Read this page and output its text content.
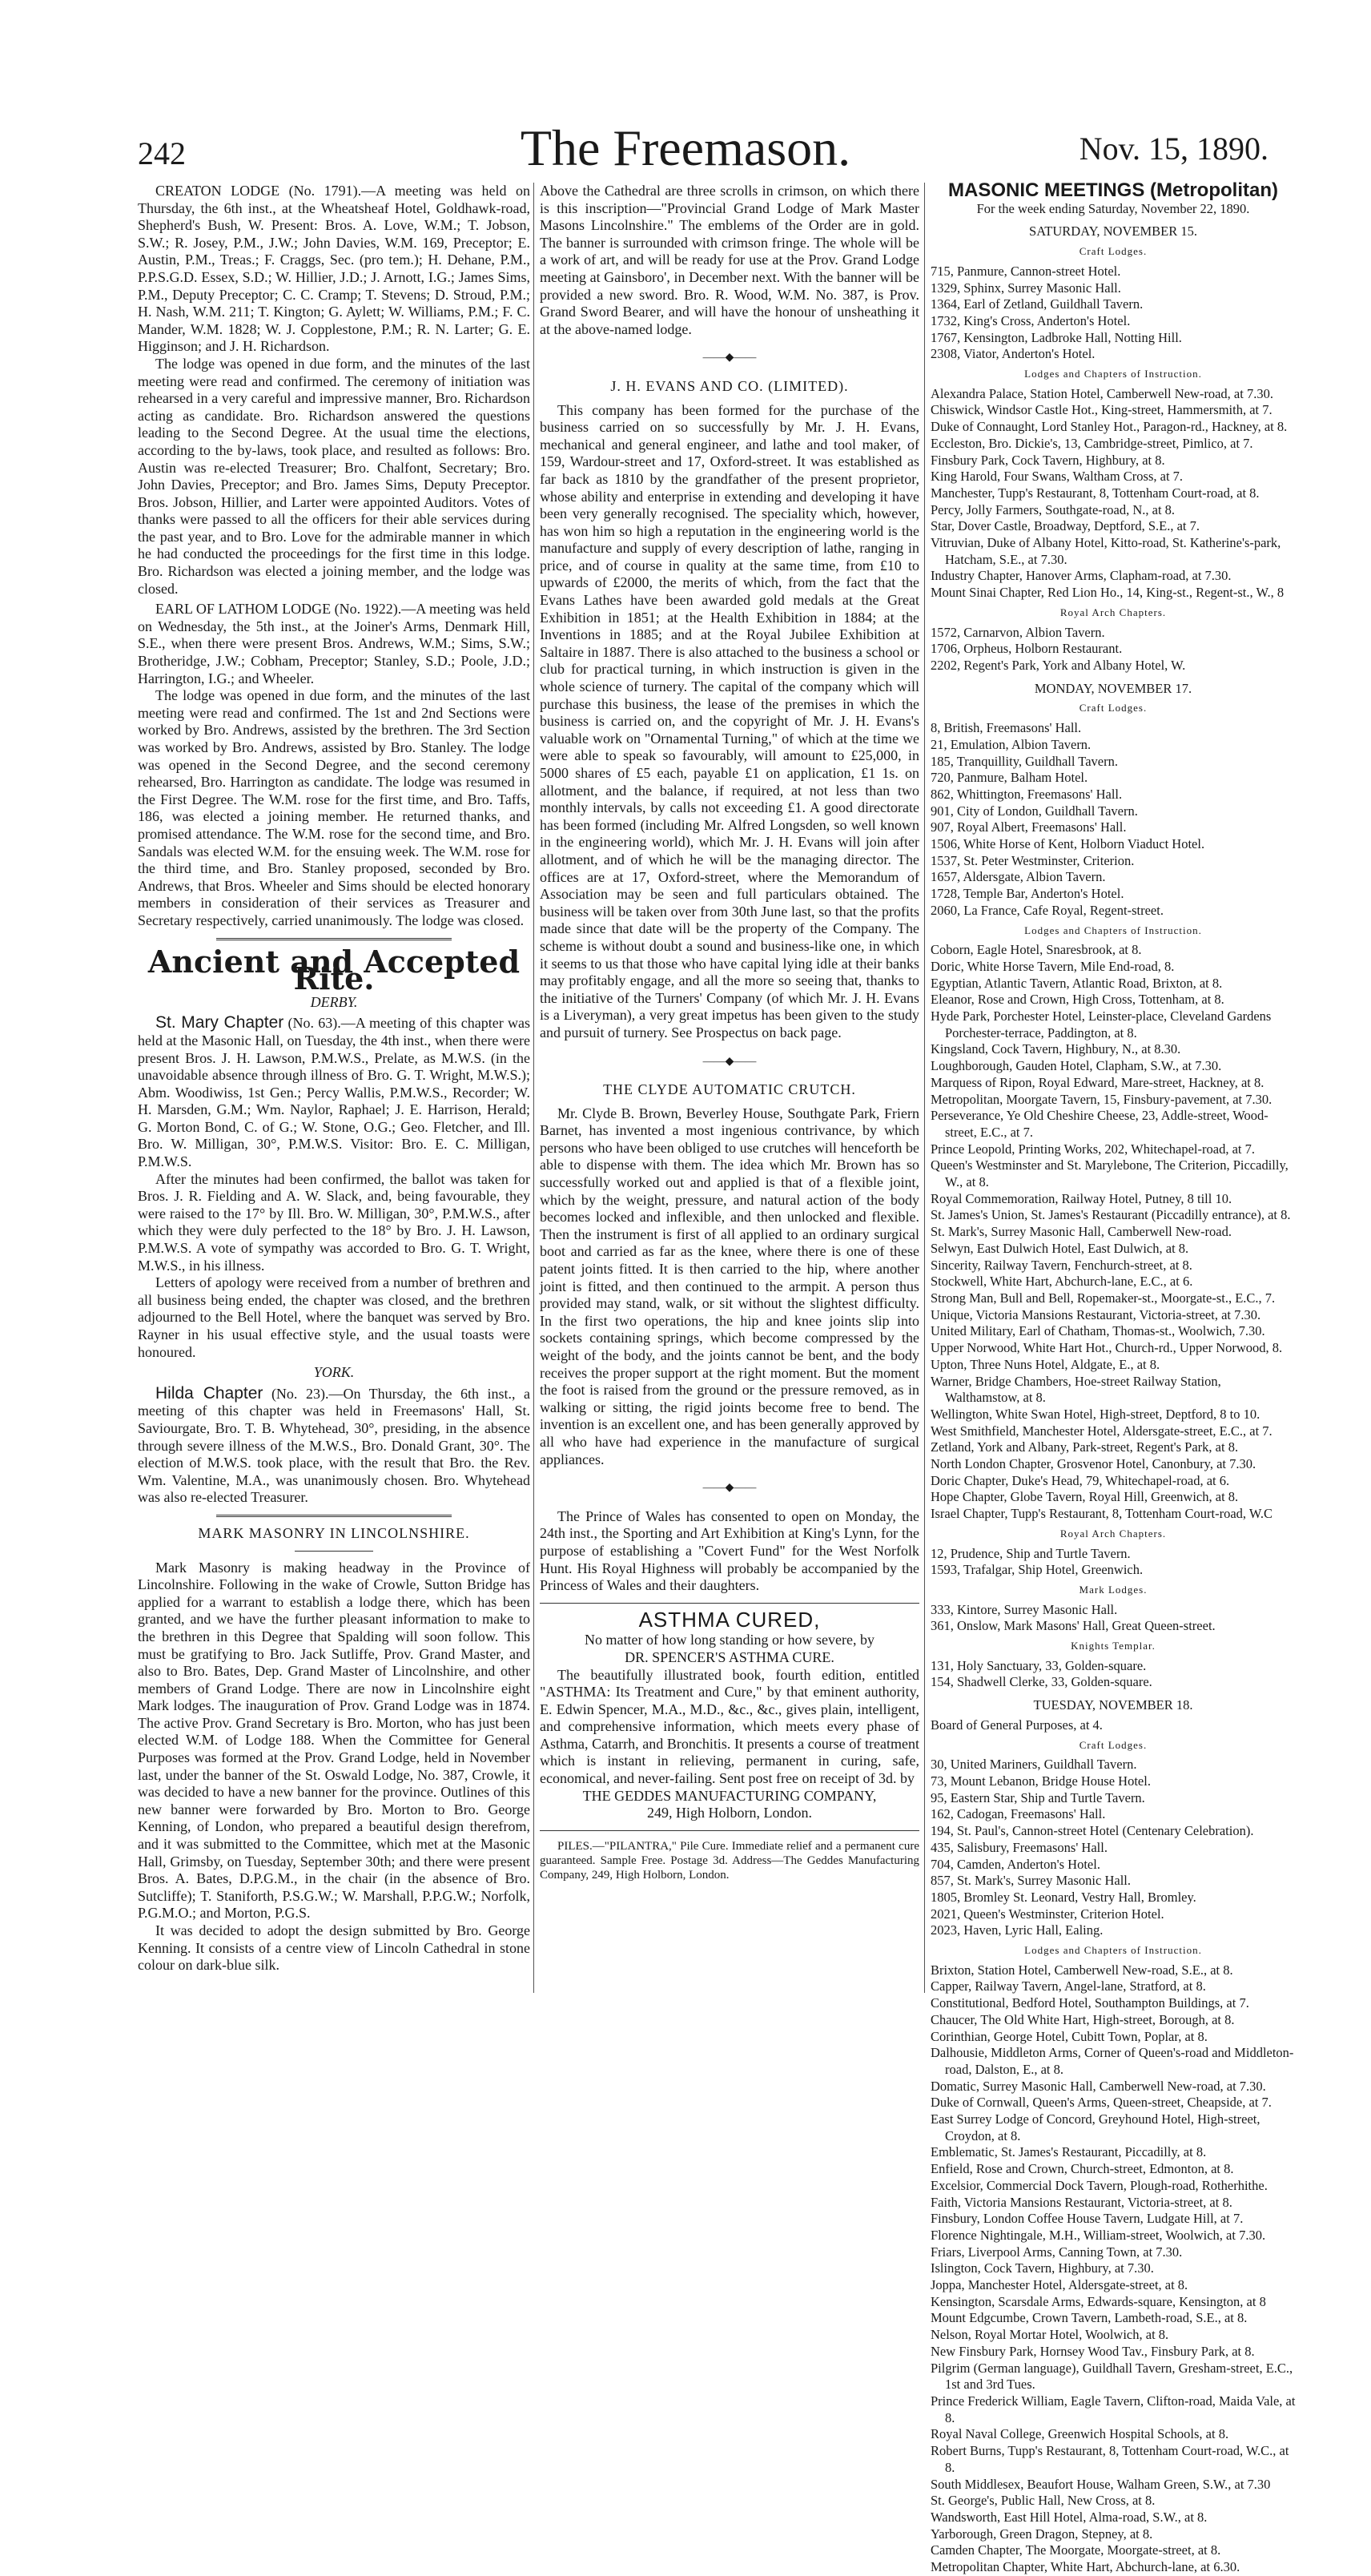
242	The Freemason.	Nov. 15, 1890.

CREATON LODGE (No. 1791).—A meeting was held on Thursday, the 6th inst., at the Wheatsheaf Hotel, Goldhawk-road, Shepherd's Bush, W. Present: Bros. A. Love, W.M.; T. Jobson, S.W.; R. Josey, P.M., J.W.; John Davies, W.M. 169, Preceptor; E. Austin, P.M., Treas.; F. Craggs, Sec. (pro tem.); H. Dehane, P.M., P.P.S.G.D. Essex, S.D.; W. Hillier, J.D.; J. Arnott, I.G.; James Sims, P.M., Deputy Preceptor; C. C. Cramp; T. Stevens; D. Stroud, P.M.; H. Nash, W.M. 211; T. Kington; G. Aylett; W. Williams, P.M.; F. C. Mander, W.M. 1828; W. J. Copplestone, P.M.; R. N. Larter; G. E. Higginson; and J. H. Richardson.

The lodge was opened in due form, and the minutes of the last meeting were read and confirmed. The ceremony of initiation was rehearsed in a very careful and impressive manner, Bro. Richardson acting as candidate. Bro. Richardson answered the questions leading to the Second Degree. At the usual time the elections, according to the by-laws, took place, and resulted as follows: Bro. Austin was re-elected Treasurer; Bro. Chalfont, Secretary; Bro. John Davies, Preceptor; and Bro. James Sims, Deputy Preceptor. Bros. Jobson, Hillier, and Larter were appointed Auditors. Votes of thanks were passed to all the officers for their able services during the past year, and to Bro. Love for the admirable manner in which he had conducted the proceedings for the first time in this lodge. Bro. Richardson was elected a joining member, and the lodge was closed.

EARL OF LATHOM LODGE (No. 1922).—A meeting was held on Wednesday, the 5th inst., at the Joiner's Arms, Denmark Hill, S.E., when there were present Bros. Andrews, W.M.; Sims, S.W.; Brotheridge, J.W.; Cobham, Preceptor; Stanley, S.D.; Poole, J.D.; Harrington, I.G.; and Wheeler.

The lodge was opened in due form, and the minutes of the last meeting were read and confirmed. The 1st and 2nd Sections were worked by Bro. Andrews, assisted by the brethren. The 3rd Section was worked by Bro. Andrews, assisted by Bro. Stanley. The lodge was opened in the Second Degree, and the second ceremony rehearsed, Bro. Harrington as candidate. The lodge was resumed in the First Degree. The W.M. rose for the first time, and Bro. Taffs, 186, was elected a joining member. He returned thanks, and promised attendance. The W.M. rose for the second time, and Bro. Sandals was elected W.M. for the ensuing week. The W.M. rose for the third time, and Bro. Stanley proposed, seconded by Bro. Andrews, that Bros. Wheeler and Sims should be elected honorary members in consideration of their services as Treasurer and Secretary respectively, carried unanimously. The lodge was closed.

Ancient and Accepted Rite.
DERBY.

St. Mary Chapter (No. 63).—A meeting of this chapter was held at the Masonic Hall, on Tuesday, the 4th inst., when there were present Bros. J. H. Lawson, P.M.W.S., Prelate, as M.W.S. (in the unavoidable absence through illness of Bro. G. T. Wright, M.W.S.); Abm. Woodiwiss, 1st Gen.; Percy Wallis, P.M.W.S., Recorder; W. H. Marsden, G.M.; Wm. Naylor, Raphael; J. E. Harrison, Herald; G. Morton Bond, C. of G.; W. Stone, O.G.; Geo. Fletcher, and Ill. Bro. W. Milligan, 30°, P.M.W.S. Visitor: Bro. E. C. Milligan, P.M.W.S.

After the minutes had been confirmed, the ballot was taken for Bros. J. R. Fielding and A. W. Slack, and, being favourable, they were raised to the 17° by Ill. Bro. W. Milligan, 30°, P.M.W.S., after which they were duly perfected to the 18° by Bro. J. H. Lawson, P.M.W.S. A vote of sympathy was accorded to Bro. G. T. Wright, M.W.S., in his illness.

Letters of apology were received from a number of brethren and all business being ended, the chapter was closed, and the brethren adjourned to the Bell Hotel, where the banquet was served by Bro. Rayner in his usual effective style, and the usual toasts were honoured.

YORK.

Hilda Chapter (No. 23).—On Thursday, the 6th inst., a meeting of this chapter was held in Freemasons' Hall, St. Saviourgate, Bro. T. B. Whytehead, 30°, presiding, in the absence through severe illness of the M.W.S., Bro. Donald Grant, 30°. The election of M.W.S. took place, with the result that Bro. the Rev. Wm. Valentine, M.A., was unanimously chosen. Bro. Whytehead was also re-elected Treasurer.

MARK MASONRY IN LINCOLNSHIRE.

Mark Masonry is making headway in the Province of Lincolnshire. Following in the wake of Crowle, Sutton Bridge has applied for a warrant to establish a lodge there, which has been granted, and we have the further pleasant information to make to the brethren in this Degree that Spalding will soon follow. This must be gratifying to Bro. Jack Sutliffe, Prov. Grand Master, and also to Bro. Bates, Dep. Grand Master of Lincolnshire, and other members of Grand Lodge. There are now in Lincolnshire eight Mark lodges. The inauguration of Prov. Grand Lodge was in 1874. The active Prov. Grand Secretary is Bro. Morton, who has just been elected W.M. of Lodge 188. When the Committee for General Purposes was formed at the Prov. Grand Lodge, held in November last, under the banner of the St. Oswald Lodge, No. 387, Crowle, it was decided to have a new banner for the province. Outlines of this new banner were forwarded by Bro. Morton to Bro. George Kenning, of London, who prepared a beautiful design therefrom, and it was submitted to the Committee, which met at the Masonic Hall, Grimsby, on Tuesday, September 30th; and there were present Bros. A. Bates, D.P.G.M., in the chair (in the absence of Bro. Sutcliffe); T. Staniforth, P.S.G.W.; W. Marshall, P.P.G.W.; Norfolk, P.G.M.O.; and Morton, P.G.S.

It was decided to adopt the design submitted by Bro. George Kenning. It consists of a centre view of Lincoln Cathedral in stone colour on dark-blue silk.

Above the Cathedral are three scrolls in crimson, on which there is this inscription—"Provincial Grand Lodge of Mark Master Masons Lincolnshire." The emblems of the Order are in gold. The banner is surrounded with crimson fringe. The whole will be a work of art, and will be ready for use at the Prov. Grand Lodge meeting at Gainsboro', in December next. With the banner will be provided a new sword. Bro. R. Wood, W.M. No. 387, is Prov. Grand Sword Bearer, and will have the honour of unsheathing it at the above-named lodge.

——◆——
J. H. EVANS AND CO. (LIMITED).

This company has been formed for the purchase of the business carried on so successfully by Mr. J. H. Evans, mechanical and general engineer, and lathe and tool maker, of 159, Wardour-street and 17, Oxford-street. It was established as far back as 1810 by the grandfather of the present proprietor, whose ability and enterprise in extending and developing it have been very generally recognised. The speciality which, however, has won him so high a reputation in the engineering world is the manufacture and supply of every description of lathe, ranging in price, and of course in quality at the same time, from £10 to upwards of £2000, the merits of which, from the fact that the Evans Lathes have been awarded gold medals at the Great Exhibition in 1851; at the Health Exhibition in 1884; at the Inventions in 1885; and at the Royal Jubilee Exhibition at Saltaire in 1887. There is also attached to the business a school or club for practical turning, in which instruction is given in the whole science of turnery. The capital of the company which will purchase this business, the lease of the premises in which the business is carried on, and the copyright of Mr. J. H. Evans's valuable work on "Ornamental Turning," of which at the time we were able to speak so favourably, will amount to £25,000, in 5000 shares of £5 each, payable £1 on application, £1 1s. on allotment, and the balance, if required, at not less than two monthly intervals, by calls not exceeding £1. A good directorate has been formed (including Mr. Alfred Longsden, so well known in the engineering world), which Mr. J. H. Evans will join after allotment, and of which he will be the managing director. The offices are at 17, Oxford-street, where the Memorandum of Association may be seen and full particulars obtained. The business will be taken over from 30th June last, so that the profits made since that date will be the property of the Company. The scheme is without doubt a sound and business-like one, in which it seems to us that those who have capital lying idle at their banks may profitably engage, and all the more so seeing that, thanks to the initiative of the Turners' Company (of which Mr. J. H. Evans is a Liveryman), a very great impetus has been given to the study and pursuit of turnery. See Prospectus on back page.

——◆——
THE CLYDE AUTOMATIC CRUTCH.

Mr. Clyde B. Brown, Beverley House, Southgate Park, Friern Barnet, has invented a most ingenious contrivance, by which persons who have been obliged to use crutches will henceforth be able to dispense with them. The idea which Mr. Brown has so successfully worked out and applied is that of a flexible joint, which by the weight, pressure, and natural action of the body becomes locked and inflexible, and then unlocked and flexible. Then the instrument is first of all applied to an ordinary surgical boot and carried as far as the knee, where there is one of these patent joints fitted. It is then carried to the hip, where another joint is fitted, and then continued to the armpit. A person thus provided may stand, walk, or sit without the slightest difficulty. In the first two operations, the hip and knee joints slip into sockets containing springs, which become compressed by the weight of the body, and the joints cannot be bent, and the body receives the proper support at the right moment. But the moment the foot is raised from the ground or the pressure removed, as in walking or sitting, the rigid joints become free to bend. The invention is an excellent one, and has been generally approved by all who have had experience in the manufacture of surgical appliances.

——◆——

The Prince of Wales has consented to open on Monday, the 24th inst., the Sporting and Art Exhibition at King's Lynn, for the purpose of establishing a "Covert Fund" for the West Norfolk Hunt. His Royal Highness will probably be accompanied by the Princess of Wales and their daughters.

ASTHMA CURED,

No matter of how long standing or how severe, by

DR. SPENCER'S ASTHMA CURE.

The beautifully illustrated book, fourth edition, entitled "ASTHMA: Its Treatment and Cure," by that eminent authority, E. Edwin Spencer, M.A., M.D., &c., &c., gives plain, intelligent, and comprehensive information, which meets every phase of Asthma, Catarrh, and Bronchitis. It presents a course of treatment which is instant in relieving, permanent in curing, safe, economical, and never-failing. Sent post free on receipt of 3d. by

THE GEDDES MANUFACTURING COMPANY,

249, High Holborn, London.

PILES.—"PILANTRA," Pile Cure. Immediate relief and a permanent cure guaranteed. Sample Free. Postage 3d. Address—The Geddes Manufacturing Company, 249, High Holborn, London.

MASONIC MEETINGS (Metropolitan)
For the week ending Saturday, November 22, 1890.
SATURDAY, NOVEMBER 15.
Craft Lodges.
715, Panmure, Cannon-street Hotel.
1329, Sphinx, Surrey Masonic Hall.
1364, Earl of Zetland, Guildhall Tavern.
1732, King's Cross, Anderton's Hotel.
1767, Kensington, Ladbroke Hall, Notting Hill.
2308, Viator, Anderton's Hotel.
Lodges and Chapters of Instruction.
Alexandra Palace, Station Hotel, Camberwell New-road, at 7.30.
Chiswick, Windsor Castle Hot., King-street, Hammersmith, at 7.
Duke of Connaught, Lord Stanley Hot., Paragon-rd., Hackney, at 8.
Eccleston, Bro. Dickie's, 13, Cambridge-street, Pimlico, at 7.
Finsbury Park, Cock Tavern, Highbury, at 8.
King Harold, Four Swans, Waltham Cross, at 7.
Manchester, Tupp's Restaurant, 8, Tottenham Court-road, at 8.
Percy, Jolly Farmers, Southgate-road, N., at 8.
Star, Dover Castle, Broadway, Deptford, S.E., at 7.
Vitruvian, Duke of Albany Hotel, Kitto-road, St. Katherine's-park, Hatcham, S.E., at 7.30.
Industry Chapter, Hanover Arms, Clapham-road, at 7.30.
Mount Sinai Chapter, Red Lion Ho., 14, King-st., Regent-st., W., 8
Royal Arch Chapters.
1572, Carnarvon, Albion Tavern.
1706, Orpheus, Holborn Restaurant.
2202, Regent's Park, York and Albany Hotel, W.
MONDAY, NOVEMBER 17.
Craft Lodges.
8, British, Freemasons' Hall.
21, Emulation, Albion Tavern.
185, Tranquillity, Guildhall Tavern.
720, Panmure, Balham Hotel.
862, Whittington, Freemasons' Hall.
901, City of London, Guildhall Tavern.
907, Royal Albert, Freemasons' Hall.
1506, White Horse of Kent, Holborn Viaduct Hotel.
1537, St. Peter Westminster, Criterion.
1657, Aldersgate, Albion Tavern.
1728, Temple Bar, Anderton's Hotel.
2060, La France, Cafe Royal, Regent-street.
Lodges and Chapters of Instruction.
Coborn, Eagle Hotel, Snaresbrook, at 8.
Doric, White Horse Tavern, Mile End-road, 8.
Egyptian, Atlantic Tavern, Atlantic Road, Brixton, at 8.
Eleanor, Rose and Crown, High Cross, Tottenham, at 8.
Hyde Park, Porchester Hotel, Leinster-place, Cleveland Gardens Porchester-terrace, Paddington, at 8.
Kingsland, Cock Tavern, Highbury, N., at 8.30.
Loughborough, Gauden Hotel, Clapham, S.W., at 7.30.
Marquess of Ripon, Royal Edward, Mare-street, Hackney, at 8.
Metropolitan, Moorgate Tavern, 15, Finsbury-pavement, at 7.30.
Perseverance, Ye Old Cheshire Cheese, 23, Addle-street, Wood-street, E.C., at 7.
Prince Leopold, Printing Works, 202, Whitechapel-road, at 7.
Queen's Westminster and St. Marylebone, The Criterion, Piccadilly, W., at 8.
Royal Commemoration, Railway Hotel, Putney, 8 till 10.
St. James's Union, St. James's Restaurant (Piccadilly entrance), at 8.
St. Mark's, Surrey Masonic Hall, Camberwell New-road.
Selwyn, East Dulwich Hotel, East Dulwich, at 8.
Sincerity, Railway Tavern, Fenchurch-street, at 8.
Stockwell, White Hart, Abchurch-lane, E.C., at 6.
Strong Man, Bull and Bell, Ropemaker-st., Moorgate-st., E.C., 7.
Unique, Victoria Mansions Restaurant, Victoria-street, at 7.30.
United Military, Earl of Chatham, Thomas-st., Woolwich, 7.30.
Upper Norwood, White Hart Hot., Church-rd., Upper Norwood, 8.
Upton, Three Nuns Hotel, Aldgate, E., at 8.
Warner, Bridge Chambers, Hoe-street Railway Station, Walthamstow, at 8.
Wellington, White Swan Hotel, High-street, Deptford, 8 to 10.
West Smithfield, Manchester Hotel, Aldersgate-street, E.C., at 7.
Zetland, York and Albany, Park-street, Regent's Park, at 8.
North London Chapter, Grosvenor Hotel, Canonbury, at 7.30.
Doric Chapter, Duke's Head, 79, Whitechapel-road, at 6.
Hope Chapter, Globe Tavern, Royal Hill, Greenwich, at 8.
Israel Chapter, Tupp's Restaurant, 8, Tottenham Court-road, W.C
Royal Arch Chapters.
12, Prudence, Ship and Turtle Tavern.
1593, Trafalgar, Ship Hotel, Greenwich.
Mark Lodges.
333, Kintore, Surrey Masonic Hall.
361, Onslow, Mark Masons' Hall, Great Queen-street.
Knights Templar.
131, Holy Sanctuary, 33, Golden-square.
154, Shadwell Clerke, 33, Golden-square.
TUESDAY, NOVEMBER 18.
Board of General Purposes, at 4.
Craft Lodges.
30, United Mariners, Guildhall Tavern.
73, Mount Lebanon, Bridge House Hotel.
95, Eastern Star, Ship and Turtle Tavern.
162, Cadogan, Freemasons' Hall.
194, St. Paul's, Cannon-street Hotel (Centenary Celebration).
435, Salisbury, Freemasons' Hall.
704, Camden, Anderton's Hotel.
857, St. Mark's, Surrey Masonic Hall.
1805, Bromley St. Leonard, Vestry Hall, Bromley.
2021, Queen's Westminster, Criterion Hotel.
2023, Haven, Lyric Hall, Ealing.
Lodges and Chapters of Instruction.
Brixton, Station Hotel, Camberwell New-road, S.E., at 8.
Capper, Railway Tavern, Angel-lane, Stratford, at 8.
Constitutional, Bedford Hotel, Southampton Buildings, at 7.
Chaucer, The Old White Hart, High-street, Borough, at 8.
Corinthian, George Hotel, Cubitt Town, Poplar, at 8.
Dalhousie, Middleton Arms, Corner of Queen's-road and Middleton-road, Dalston, E., at 8.
Domatic, Surrey Masonic Hall, Camberwell New-road, at 7.30.
Duke of Cornwall, Queen's Arms, Queen-street, Cheapside, at 7.
East Surrey Lodge of Concord, Greyhound Hotel, High-street, Croydon, at 8.
Emblematic, St. James's Restaurant, Piccadilly, at 8.
Enfield, Rose and Crown, Church-street, Edmonton, at 8.
Excelsior, Commercial Dock Tavern, Plough-road, Rotherhithe.
Faith, Victoria Mansions Restaurant, Victoria-street, at 8.
Finsbury, London Coffee House Tavern, Ludgate Hill, at 7.
Florence Nightingale, M.H., William-street, Woolwich, at 7.30.
Friars, Liverpool Arms, Canning Town, at 7.30.
Islington, Cock Tavern, Highbury, at 7.30.
Joppa, Manchester Hotel, Aldersgate-street, at 8.
Kensington, Scarsdale Arms, Edwards-square, Kensington, at 8
Mount Edgcumbe, Crown Tavern, Lambeth-road, S.E., at 8.
Nelson, Royal Mortar Hotel, Woolwich, at 8.
New Finsbury Park, Hornsey Wood Tav., Finsbury Park, at 8.
Pilgrim (German language), Guildhall Tavern, Gresham-street, E.C., 1st and 3rd Tues.
Prince Frederick William, Eagle Tavern, Clifton-road, Maida Vale, at 8.
Royal Naval College, Greenwich Hospital Schools, at 8.
Robert Burns, Tupp's Restaurant, 8, Tottenham Court-road, W.C., at 8.
South Middlesex, Beaufort House, Walham Green, S.W., at 7.30
St. George's, Public Hall, New Cross, at 8.
Wandsworth, East Hill Hotel, Alma-road, S.W., at 8.
Yarborough, Green Dragon, Stepney, at 8.
Camden Chapter, The Moorgate, Moorgate-street, at 8.
Metropolitan Chapter, White Hart, Abchurch-lane, at 6.30.
